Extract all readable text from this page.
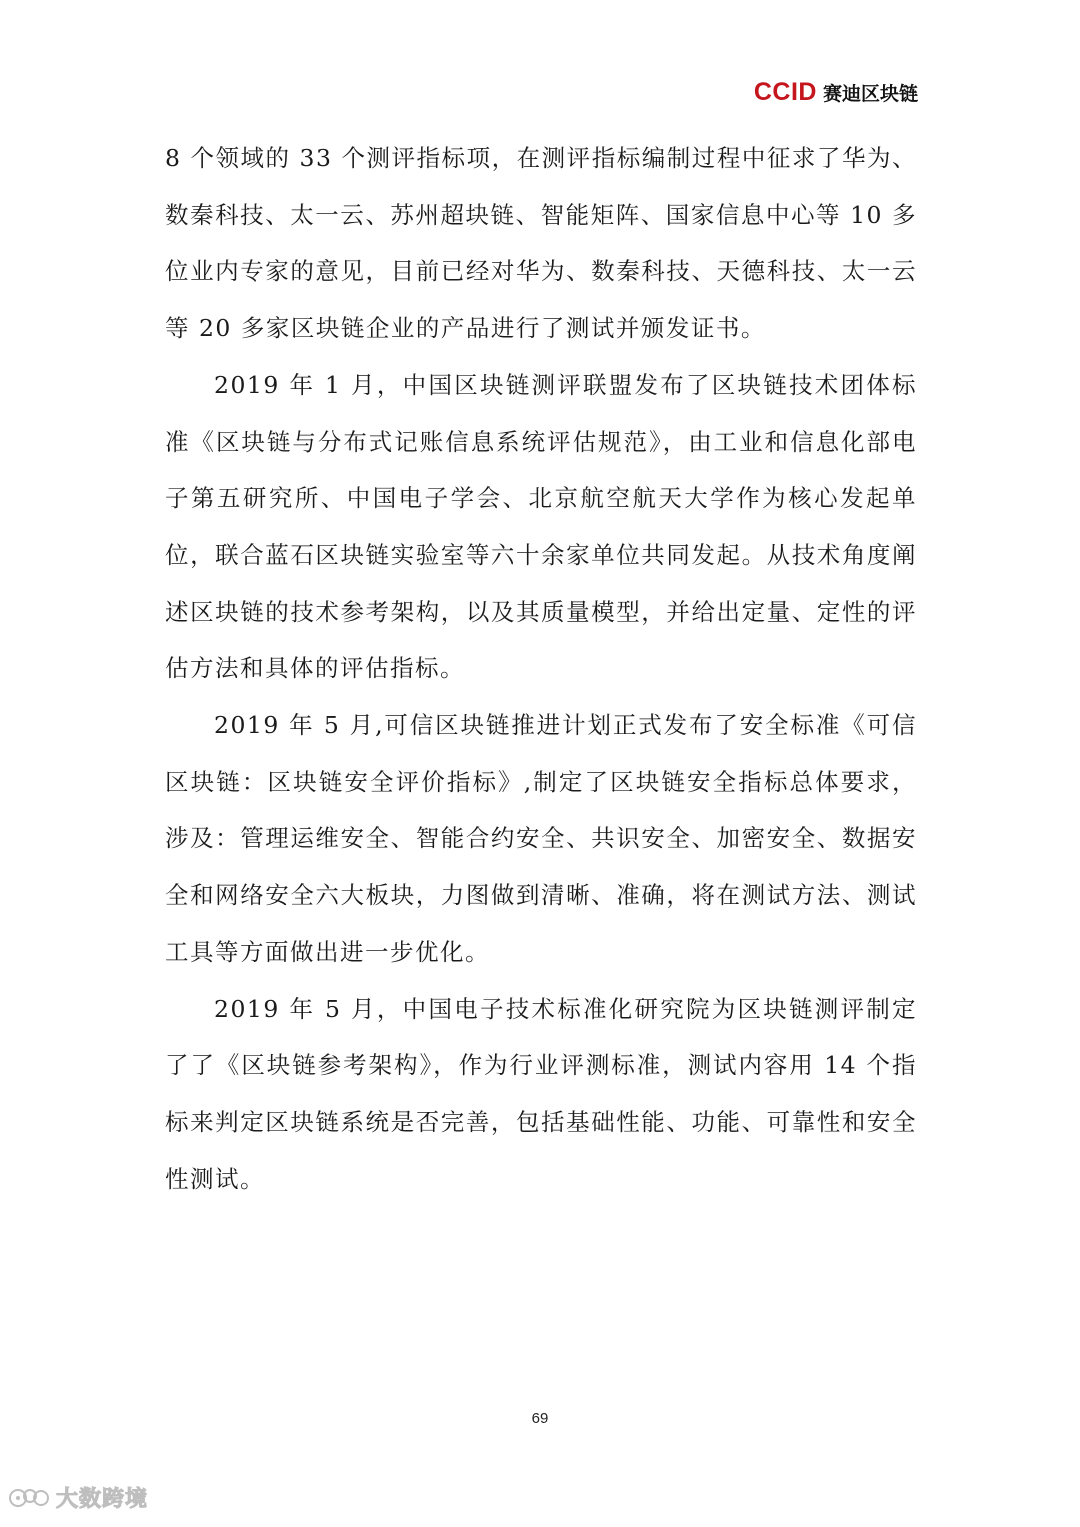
CCID 赛迪区块链

8 个领域的 33 个测评指标项，在测评指标编制过程中征求了华为、数秦科技、太一云、苏州超块链、智能矩阵、国家信息中心等 10 多位业内专家的意见，目前已经对华为、数秦科技、天德科技、太一云等 20 多家区块链企业的产品进行了测试并颁发证书。

2019 年 1 月，中国区块链测评联盟发布了区块链技术团体标准《区块链与分布式记账信息系统评估规范》，由工业和信息化部电子第五研究所、中国电子学会、北京航空航天大学作为核心发起单位，联合蓝石区块链实验室等六十余家单位共同发起。从技术角度阐述区块链的技术参考架构，以及其质量模型，并给出定量、定性的评估方法和具体的评估指标。

2019 年 5 月,可信区块链推进计划正式发布了安全标准《可信区块链：区块链安全评价指标》,制定了区块链安全指标总体要求，涉及：管理运维安全、智能合约安全、共识安全、加密安全、数据安全和网络安全六大板块，力图做到清晰、准确，将在测试方法、测试工具等方面做出进一步优化。

2019 年 5 月，中国电子技术标准化研究院为区块链测评制定了了《区块链参考架构》，作为行业评测标准，测试内容用 14 个指标来判定区块链系统是否完善，包括基础性能、功能、可靠性和安全性测试。

69
大数跨境
